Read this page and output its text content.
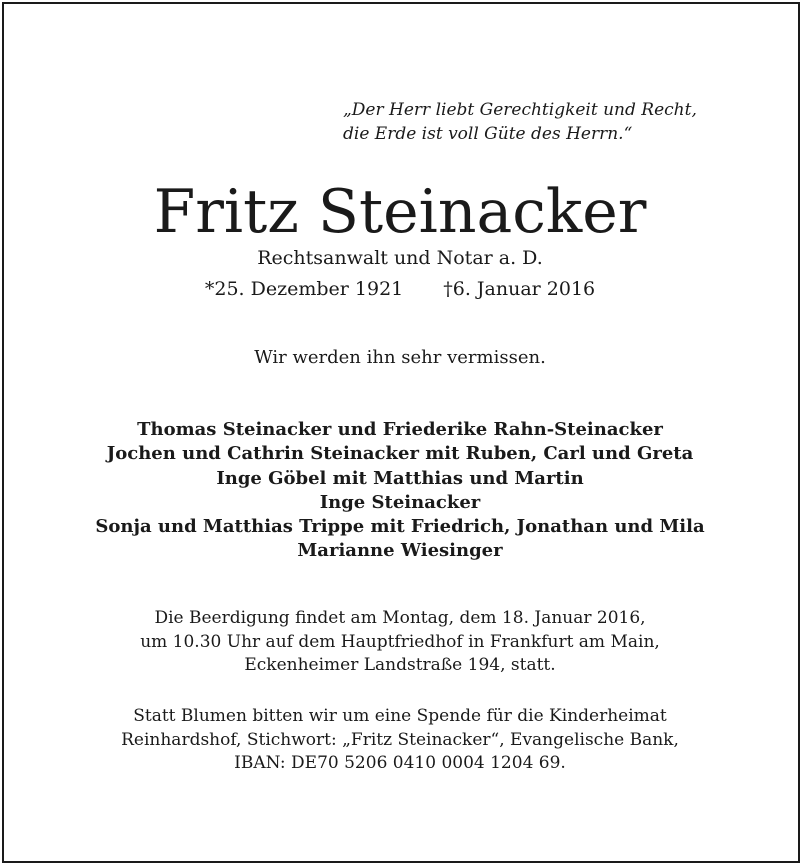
„Der Herr liebt Gerechtigkeit und Recht,
die Erde ist voll Güte des Herrn.“
Fritz Steinacker
Rechtsanwalt und Notar a. D.
*25. Dezember 1921 †6. Januar 2016
Wir werden ihn sehr vermissen.
Thomas Steinacker und Friederike Rahn-Steinacker
Jochen und Cathrin Steinacker mit Ruben, Carl und Greta
Inge Göbel mit Matthias und Martin
Inge Steinacker
Sonja und Matthias Trippe mit Friedrich, Jonathan und Mila
Marianne Wiesinger
Die Beerdigung findet am Montag, dem 18. Januar 2016,
um 10.30 Uhr auf dem Hauptfriedhof in Frankfurt am Main,
Eckenheimer Landstraße 194, statt.
Statt Blumen bitten wir um eine Spende für die Kinderheimat
Reinhardshof, Stichwort: „Fritz Steinacker“, Evangelische Bank,
IBAN: DE70 5206 0410 0004 1204 69.
